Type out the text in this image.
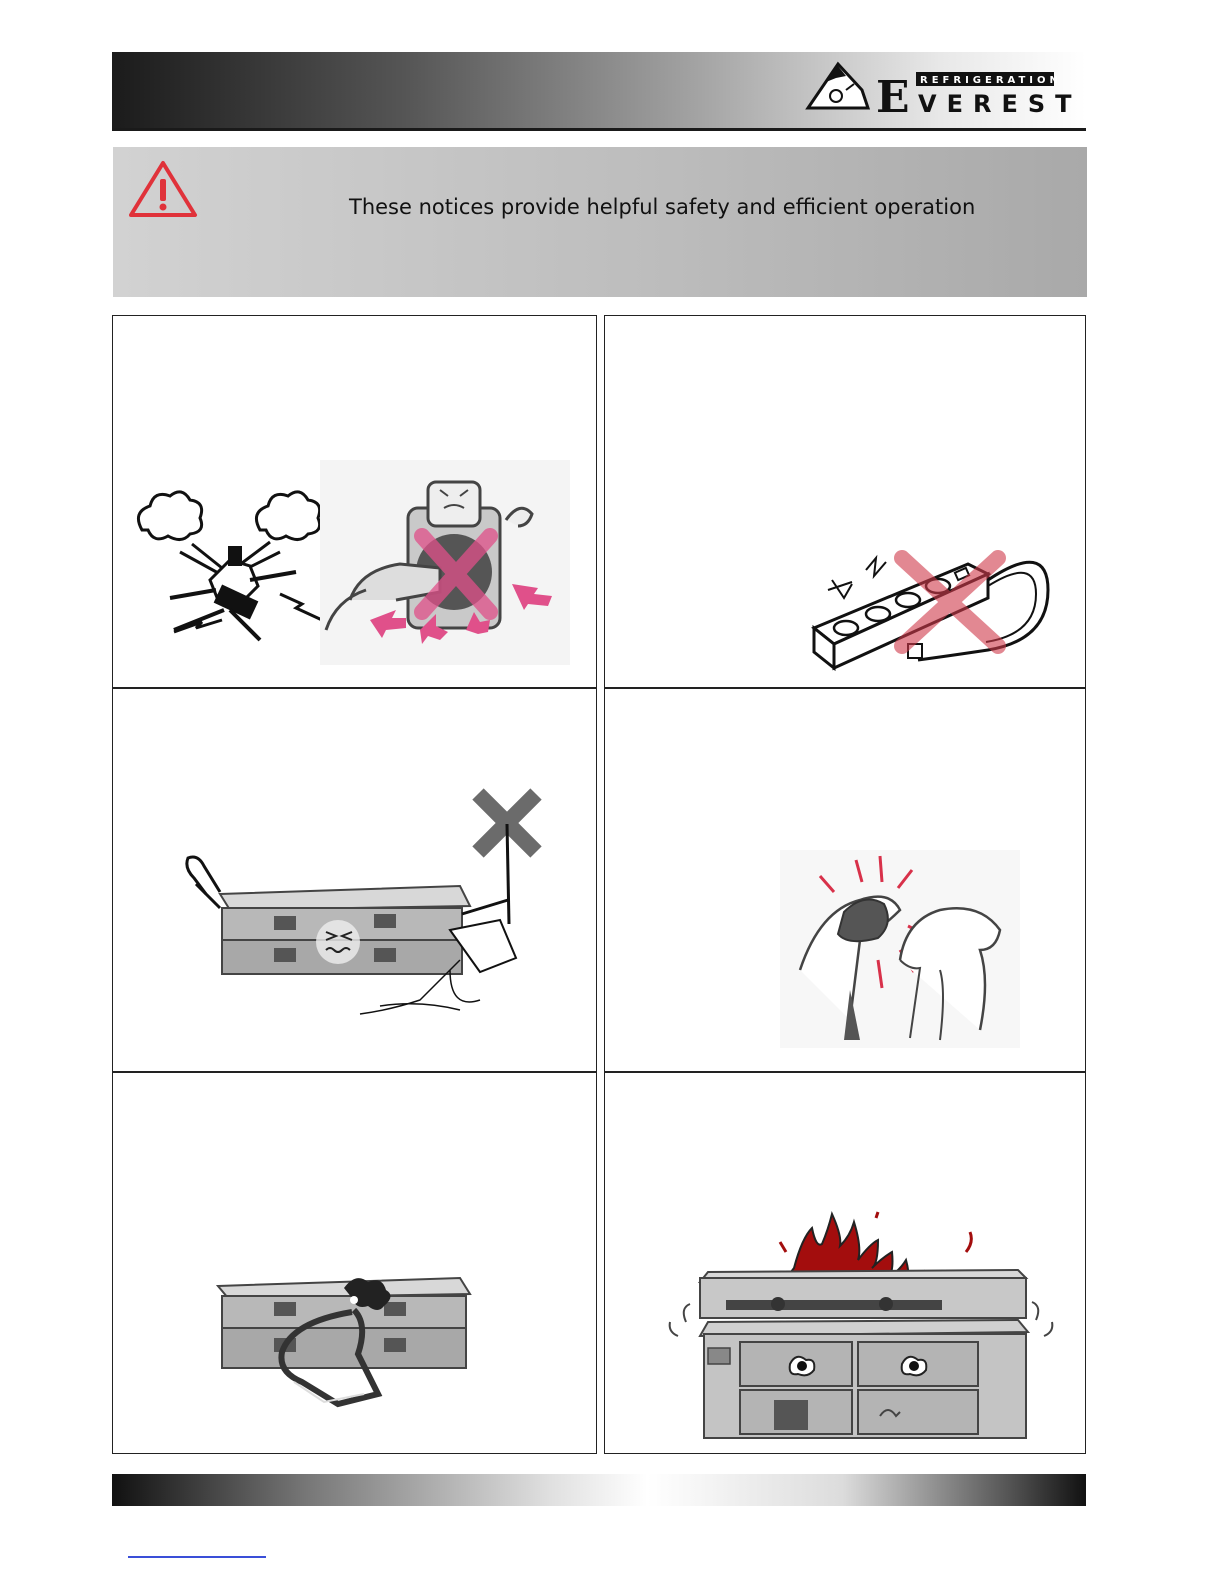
E REFRIGERATION
VEREST
These notices provide helpful safety and efficient operation
